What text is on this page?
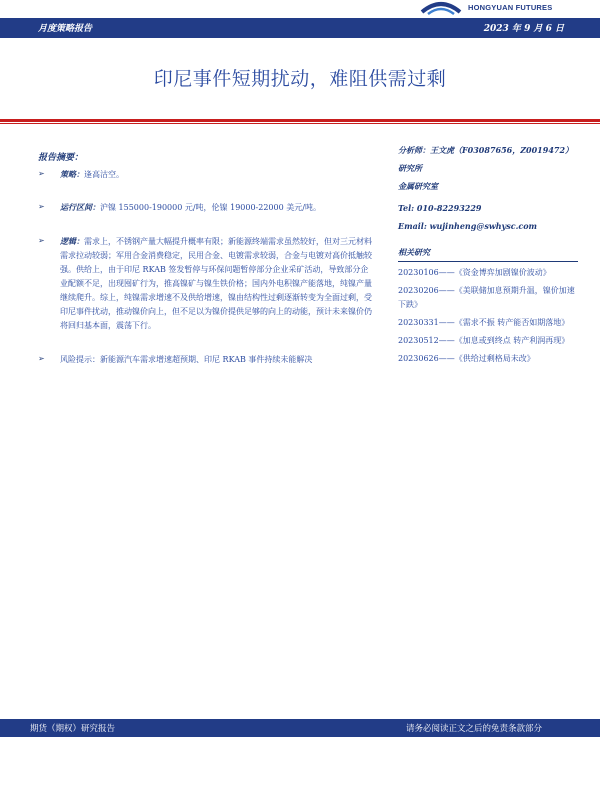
HONGYUAN FUTURES
月度策略报告	2023 年 9 月 6 日
印尼事件短期扰动，难阻供需过剩
报告摘要：
➢ 策略：逢高沽空。
➢ 运行区间：沪镍 155000-190000 元/吨，伦镍 19000-22000 美元/吨。
➢ 逻辑：需求上，不锈钢产量大幅提升概率有限；新能源终端需求虽然较好，但对三元材料需求拉动较弱；军用合金消费稳定，民用合金、电镀需求较弱，合金与电镀对高价抵触较强。供给上，由于印尼 RKAB 签发暂停与环保问题暂停部分企业采矿活动，导致部分企业配额不足，出现囤矿行为，推高镍矿与镍生铁价格；国内外电积镍产能落地，纯镍产量继续爬升。综上，纯镍需求增速不及供给增速，镍由结构性过剩逐渐转变为全面过剩，受印尼事件扰动，推动镍价向上，但不足以为镍价提供足够的向上的动能，预计未来镍价仍将回归基本面，震荡下行。
➢ 风险提示：新能源汽车需求增速超预期、印尼 RKAB 事件持续未能解决
分析师：王文虎（F03087656，Z0019472）
研究所
金属研究室
Tel: 010-82293229
Email: wujinheng@swhysc.com
相关研究
20230106——《资金博弈加剧镍价波动》
20230206——《美联储加息预期升温，镍价加速下跌》
20230331——《需求不振 转产能否如期落地》
20230512——《加息或到终点 转产利润再现》
20230626——《供给过剩格局未改》
期货（期权）研究报告	请务必阅读正文之后的免责条款部分
